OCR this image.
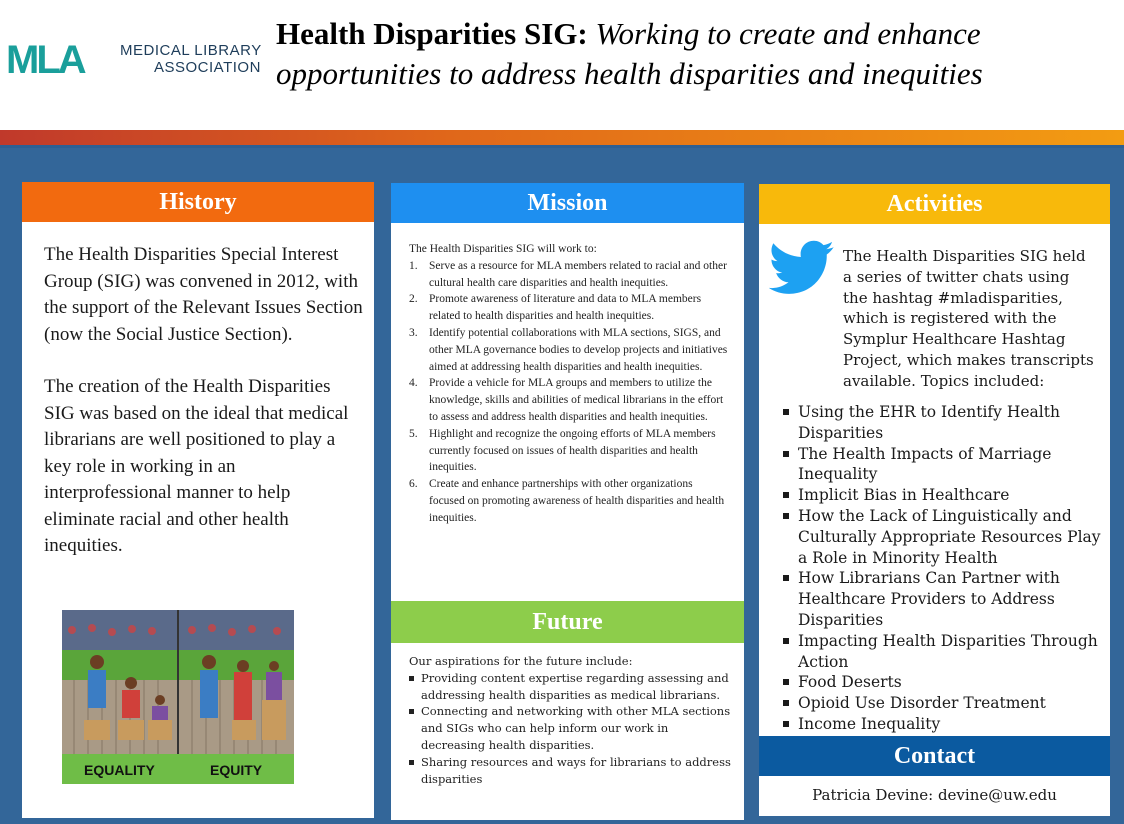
MLA MEDICAL LIBRARY
ASSOCIATION
Health Disparities SIG: Working to create and enhance opportunities to address health disparities and inequities
History

The Health Disparities Special Interest Group (SIG) was convened in 2012, with the support of the Relevant Issues Section (now the Social Justice Section).

The creation of the Health Disparities SIG was based on the ideal that medical librarians are well positioned to play a key role in working in an interprofessional manner to help eliminate racial and other health inequities.

EQUALITY	EQUITY
Mission
The Health Disparities SIG will work to:
1. Serve as a resource for MLA members related to racial and other cultural health care disparities and health inequities.
2. Promote awareness of literature and data to MLA members related to health disparities and health inequities.
3. Identify potential collaborations with MLA sections, SIGS, and other MLA governance bodies to develop projects and initiatives aimed at addressing health disparities and health inequities.
4. Provide a vehicle for MLA groups and members to utilize the knowledge, skills and abilities of medical librarians in the effort to assess and address health disparities and health inequities.
5. Highlight and recognize the ongoing efforts of MLA members currently focused on issues of health disparities and health inequities.
6. Create and enhance partnerships with other organizations focused on promoting awareness of health disparities and health inequities.
Future
Our aspirations for the future include:
Providing content expertise regarding assessing and addressing health disparities as medical librarians.
Connecting and networking with other MLA sections and SIGs who can help inform our work in decreasing health disparities.
Sharing resources and ways for librarians to address disparities
Activities
The Health Disparities SIG held a series of twitter chats using the hashtag #mladisparities, which is registered with the Symplur Healthcare Hashtag Project, which makes transcripts available. Topics included:
Using the EHR to Identify Health Disparities
The Health Impacts of Marriage Inequality
Implicit Bias in Healthcare
How the Lack of Linguistically and Culturally Appropriate Resources Play a Role in Minority Health
How Librarians Can Partner with Healthcare Providers to Address Disparities
Impacting Health Disparities Through Action
Food Deserts
Opioid Use Disorder Treatment
Income Inequality
Contact
Patricia Devine: devine@uw.edu
